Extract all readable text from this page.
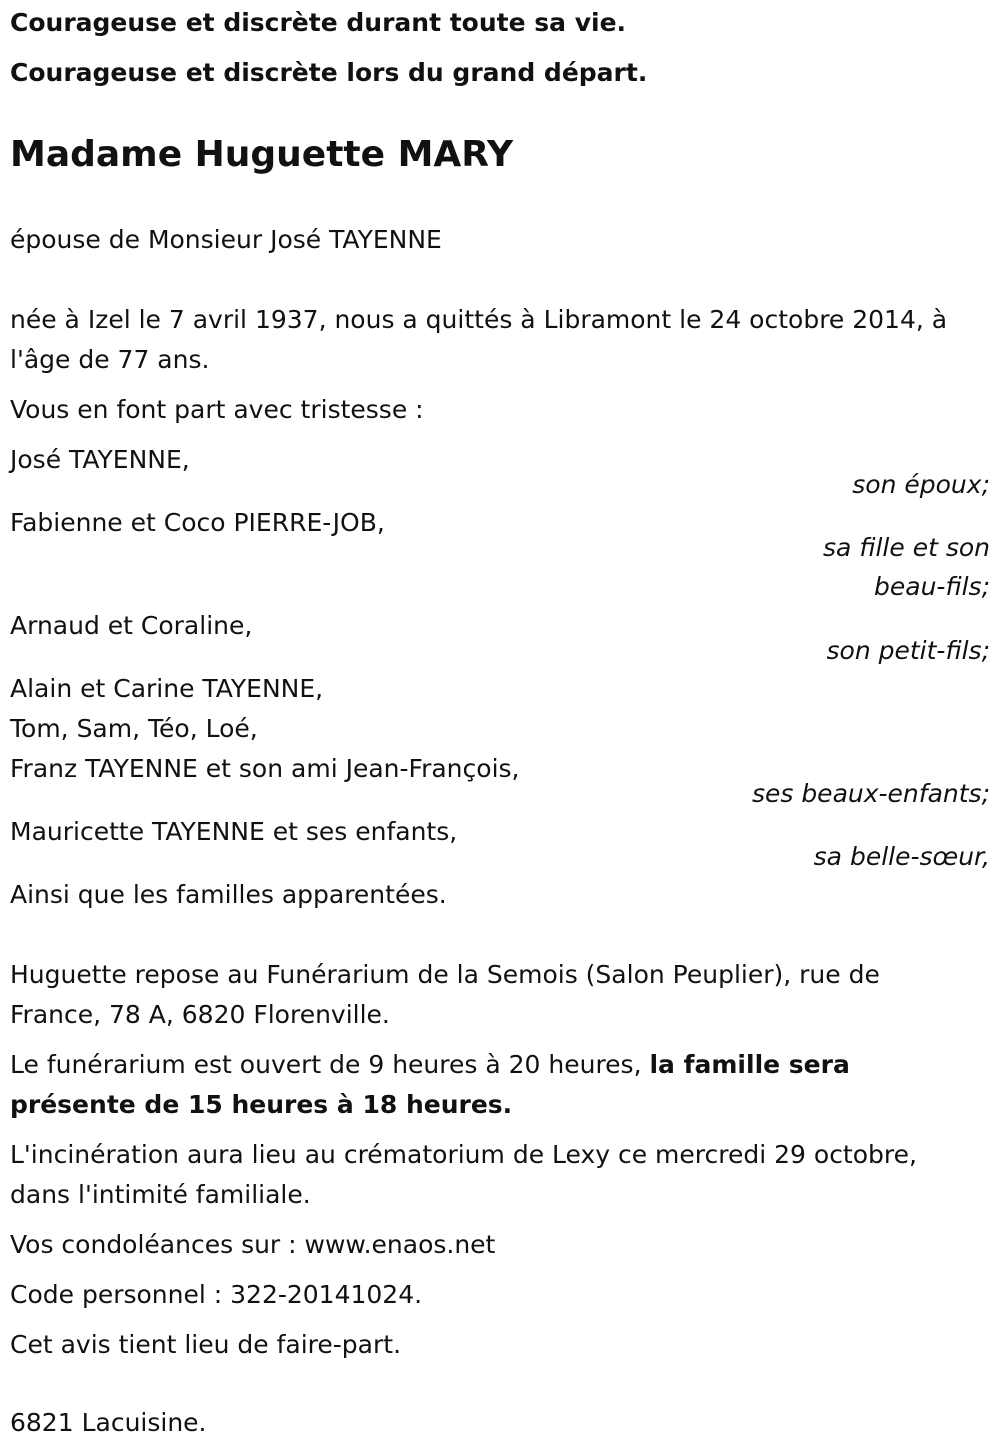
Courageuse et discrète durant toute sa vie.
Courageuse et discrète lors du grand départ.
Madame Huguette MARY
épouse de Monsieur José TAYENNE
née à Izel le 7 avril 1937, nous a quittés à Libramont le 24 octobre 2014, à
l'âge de 77 ans.
Vous en font part avec tristesse :
José TAYENNE,
son époux;
Fabienne et Coco PIERRE-JOB,
sa fille et son
beau-fils;
Arnaud et Coraline,
son petit-fils;
Alain et Carine TAYENNE,
Tom, Sam, Téo, Loé,
Franz TAYENNE et son ami Jean-François,
ses beaux-enfants;
Mauricette TAYENNE et ses enfants,
sa belle-sœur,
Ainsi que les familles apparentées.
Huguette repose au Funérarium de la Semois (Salon Peuplier), rue de
France, 78 A, 6820 Florenville.
Le funérarium est ouvert de 9 heures à 20 heures, la famille sera
présente de 15 heures à 18 heures.
L'incinération aura lieu au crématorium de Lexy ce mercredi 29 octobre,
dans l'intimité familiale.
Vos condoléances sur : www.enaos.net
Code personnel : 322-20141024.
Cet avis tient lieu de faire-part.
6821 Lacuisine.
